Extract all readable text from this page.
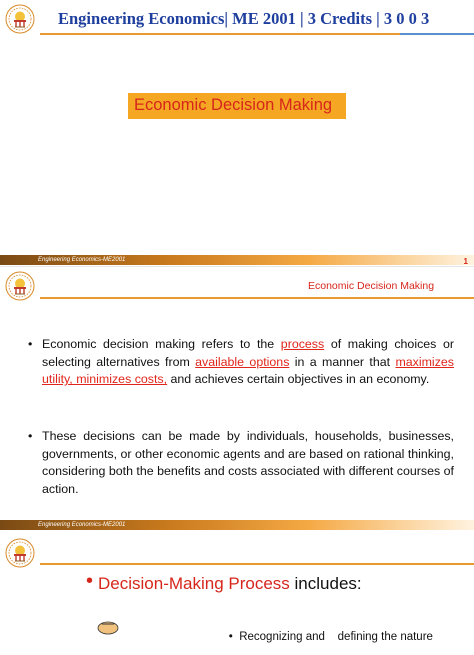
Engineering Economics| ME 2001 | 3 Credits | 3 0 0 3
Economic Decision Making
Engineering Economics-ME2001	1
Economic Decision Making
• Economic decision making refers to the process of making choices or selecting alternatives from available options in a manner that maximizes utility, minimizes costs, and achieves certain objectives in an economy.
• These decisions can be made by individuals, households, businesses, governments, or other economic agents and are based on rational thinking, considering both the benefits and costs associated with different courses of action.
Engineering Economics-ME2001
• Decision-Making Process includes:

•  Recognizing and    defining the nature
